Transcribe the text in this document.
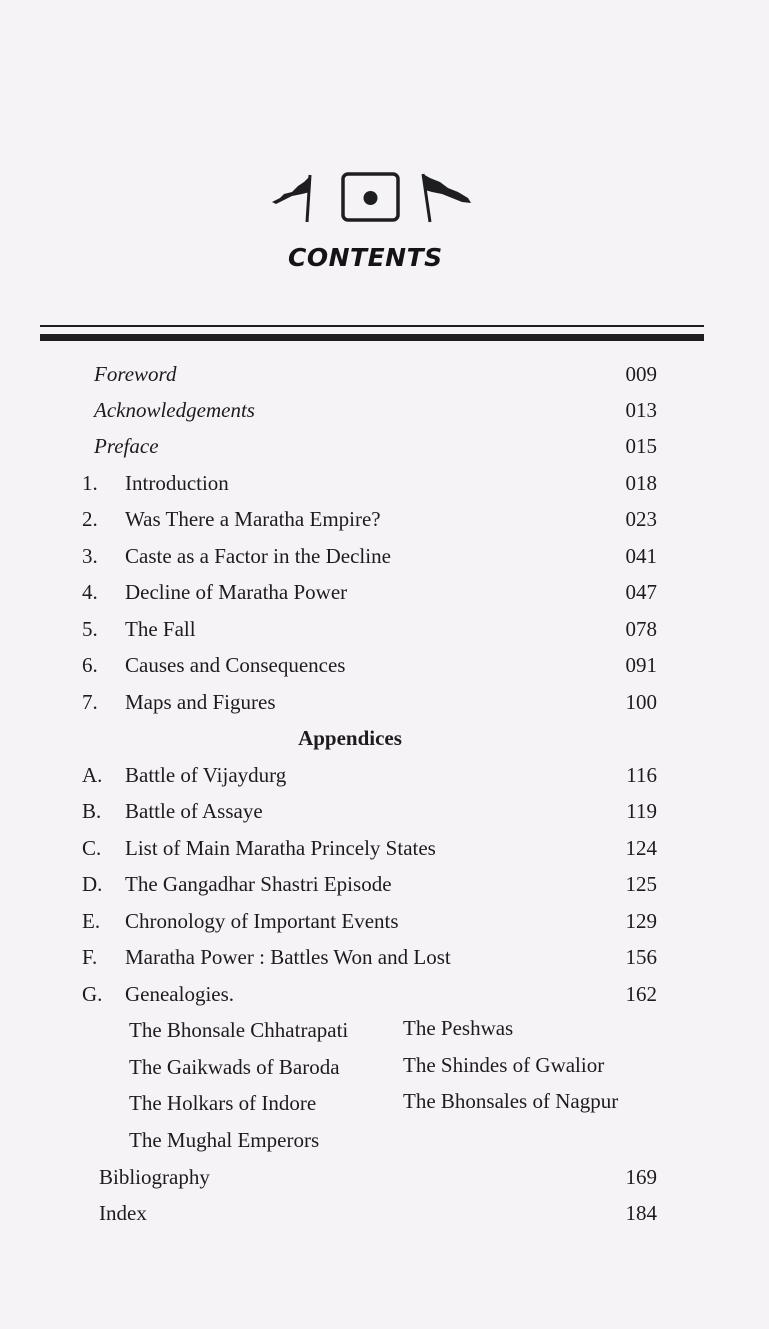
CONTENTS
Foreword	009
Acknowledgements	013
Preface	015
1. Introduction	018
2. Was There a Maratha Empire?	023
3. Caste as a Factor in the Decline	041
4. Decline of Maratha Power	047
5. The Fall	078
6. Causes and Consequences	091
7. Maps and Figures	100
Appendices
A. Battle of Vijaydurg	116
B. Battle of Assaye	119
C. List of Main Maratha Princely States	124
D. The Gangadhar Shastri Episode	125
E. Chronology of Important Events	129
F. Maratha Power : Battles Won and Lost	156
G. Genealogies.	162
The Bhonsale Chhatrapati	The Peshwas
The Gaikwads of Baroda	The Shindes of Gwalior
The Holkars of Indore	The Bhonsales of Nagpur
The Mughal Emperors
Bibliography	169
Index	184
